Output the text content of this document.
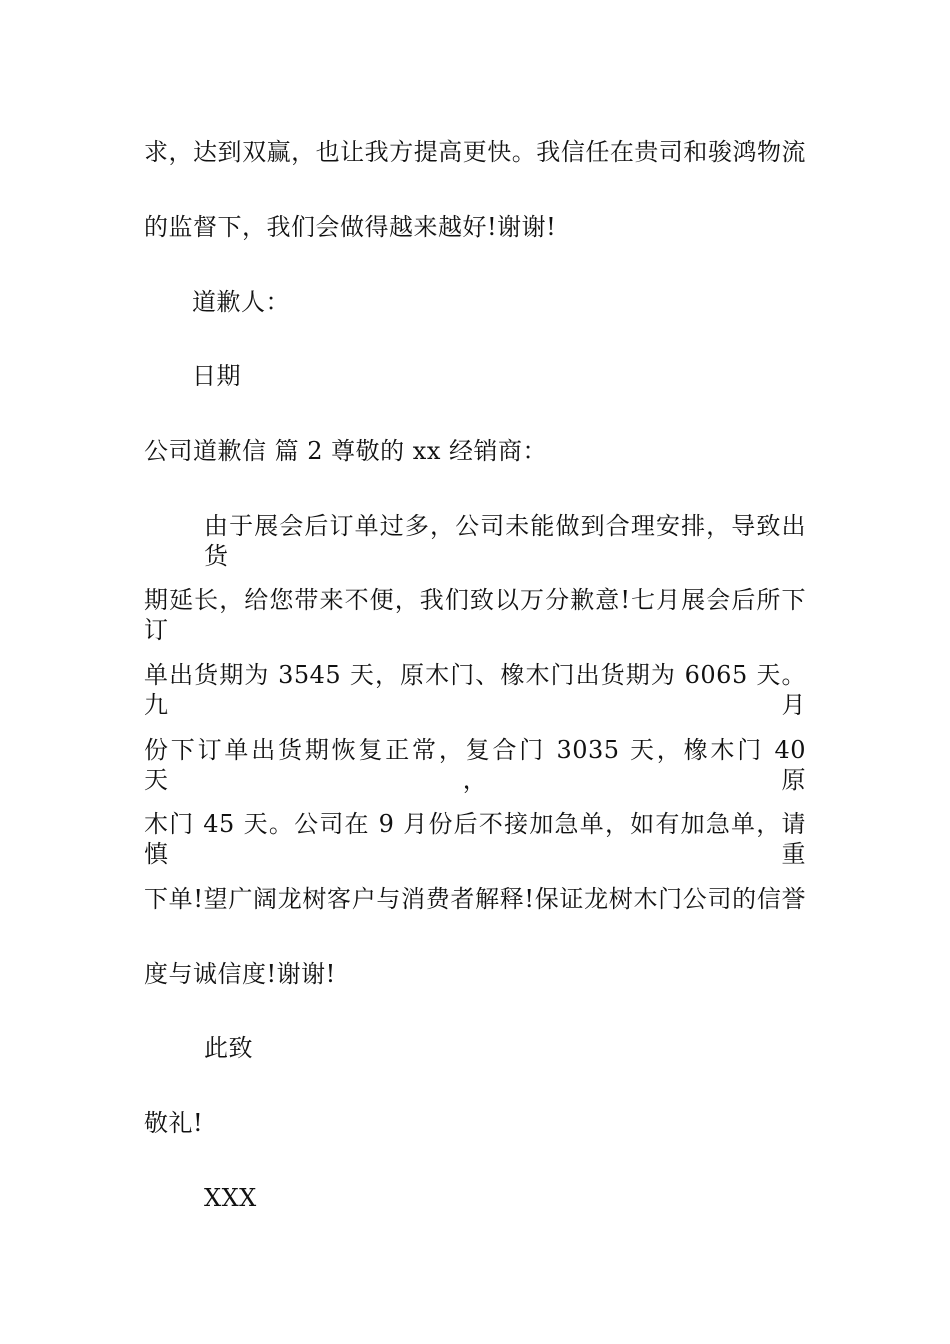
求，达到双赢，也让我方提高更快。我信任在贵司和骏鸿物流
的监督下，我们会做得越来越好!谢谢!
道歉人：
日期
公司道歉信 篇 2 尊敬的 xx 经销商：
由于展会后订单过多，公司未能做到合理安排，导致出货
期延长，给您带来不便，我们致以万分歉意!七月展会后所下订
单出货期为 3545 天，原木门、橡木门出货期为 6065 天。九月
份下订单出货期恢复正常，复合门 3035 天，橡木门 40 天，原
木门 45 天。公司在 9 月份后不接加急单，如有加急单，请慎重
下单!望广阔龙树客户与消费者解释!保证龙树木门公司的信誉
度与诚信度!谢谢!
此致
敬礼!
XXX
